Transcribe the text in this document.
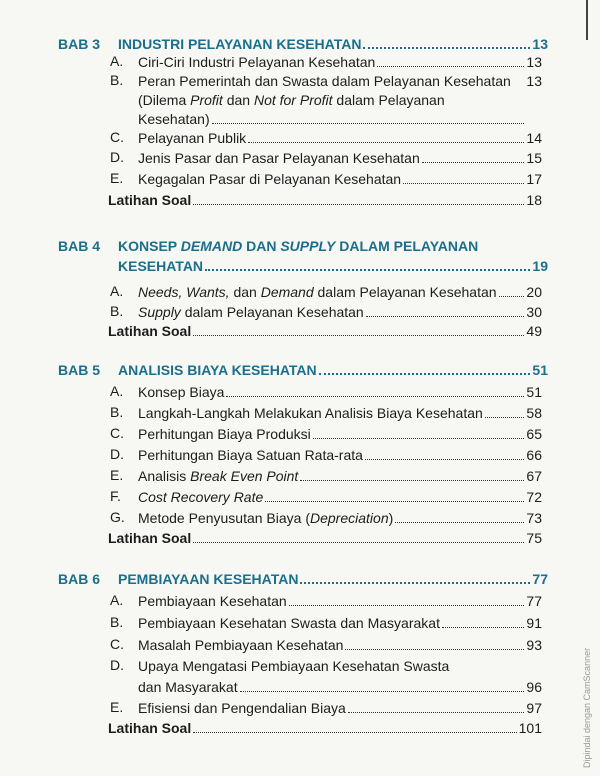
BAB 3 INDUSTRI PELAYANAN KESEHATAN	13
A. Ciri-Ciri Industri Pelayanan Kesehatan	13
B. Peran Pemerintah dan Swasta dalam Pelayanan Kesehatan 13
(Dilema Profit dan Not for Profit dalam Pelayanan
Kesehatan)
C. Pelayanan Publik	14
D. Jenis Pasar dan Pasar Pelayanan Kesehatan	15
E. Kegagalan Pasar di Pelayanan Kesehatan	17
Latihan Soal	18
BAB 4 KONSEP DEMAND DAN SUPPLY DALAM PELAYANAN
KESEHATAN	19
A. Needs, Wants, dan Demand dalam Pelayanan Kesehatan 20
B. Supply dalam Pelayanan Kesehatan	30
Latihan Soal	49
BAB 5 ANALISIS BIAYA KESEHATAN	51
A. Konsep Biaya	51
B. Langkah-Langkah Melakukan Analisis Biaya Kesehatan	58
C. Perhitungan Biaya Produksi	65
D. Perhitungan Biaya Satuan Rata-rata	66
E. Analisis Break Even Point	67
F. Cost Recovery Rate	72
G. Metode Penyusutan Biaya (Depreciation)	73
Latihan Soal	75
BAB 6 PEMBIAYAAN KESEHATAN	77
A. Pembiayaan Kesehatan	77
B. Pembiayaan Kesehatan Swasta dan Masyarakat	91
C. Masalah Pembiayaan Kesehatan	93
D. Upaya Mengatasi Pembiayaan Kesehatan Swasta
dan Masyarakat	96
E. Efisiensi dan Pengendalian Biaya	97
Latihan Soal	101	Dipindai dengan CamScanner
